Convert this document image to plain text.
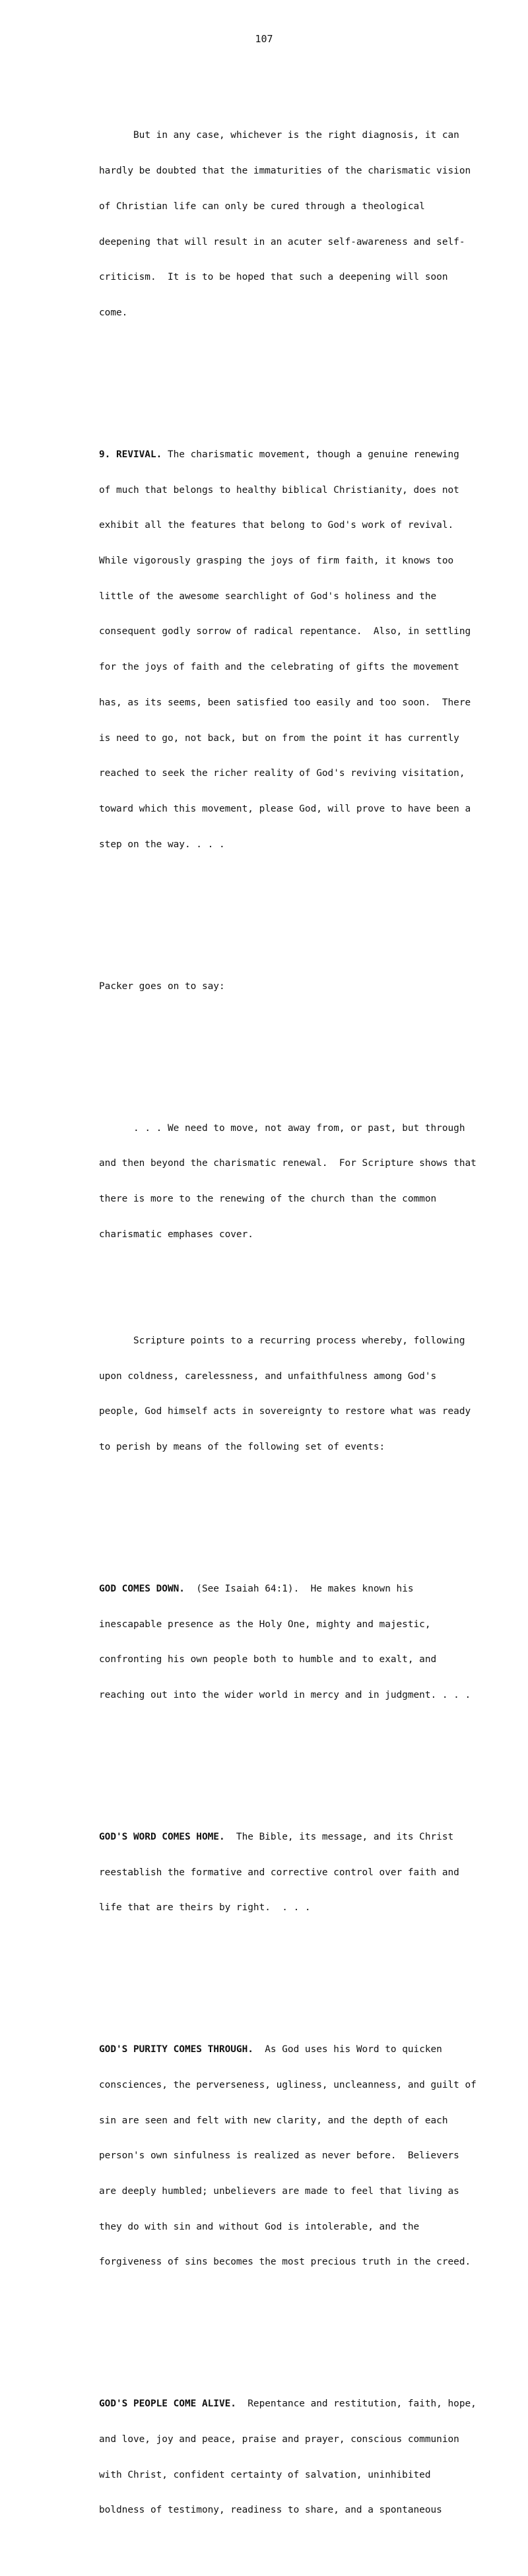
107

But in any case, whichever is the right diagnosis, it can

hardly be doubted that the immaturities of the charismatic vision

of Christian life can only be cured through a theological

deepening that will result in an acuter self-awareness and self-

criticism.  It is to be hoped that such a deepening will soon

come.

9. REVIVAL. The charismatic movement, though a genuine renewing

of much that belongs to healthy biblical Christianity, does not

exhibit all the features that belong to God's work of revival.

While vigorously grasping the joys of firm faith, it knows too

little of the awesome searchlight of God's holiness and the

consequent godly sorrow of radical repentance.  Also, in settling

for the joys of faith and the celebrating of gifts the movement

has, as its seems, been satisfied too easily and too soon.  There

is need to go, not back, but on from the point it has currently

reached to seek the richer reality of God's reviving visitation,

toward which this movement, please God, will prove to have been a

step on the way. . . .

Packer goes on to say:

. . . We need to move, not away from, or past, but through

and then beyond the charismatic renewal.  For Scripture shows that

there is more to the renewing of the church than the common

charismatic emphases cover.

Scripture points to a recurring process whereby, following

upon coldness, carelessness, and unfaithfulness among God's

people, God himself acts in sovereignty to restore what was ready

to perish by means of the following set of events:

GOD COMES DOWN.  (See Isaiah 64:1).  He makes known his

inescapable presence as the Holy One, mighty and majestic,

confronting his own people both to humble and to exalt, and

reaching out into the wider world in mercy and in judgment. . . .

GOD'S WORD COMES HOME.  The Bible, its message, and its Christ

reestablish the formative and corrective control over faith and

life that are theirs by right.  . . .

GOD'S PURITY COMES THROUGH.  As God uses his Word to quicken

consciences, the perverseness, ugliness, uncleanness, and guilt of

sin are seen and felt with new clarity, and the depth of each

person's own sinfulness is realized as never before.  Believers

are deeply humbled; unbelievers are made to feel that living as

they do with sin and without God is intolerable, and the

forgiveness of sins becomes the most precious truth in the creed.

GOD'S PEOPLE COME ALIVE.  Repentance and restitution, faith, hope,

and love, joy and peace, praise and prayer, conscious communion

with Christ, confident certainty of salvation, uninhibited

boldness of testimony, readiness to share, and a spontaneous
